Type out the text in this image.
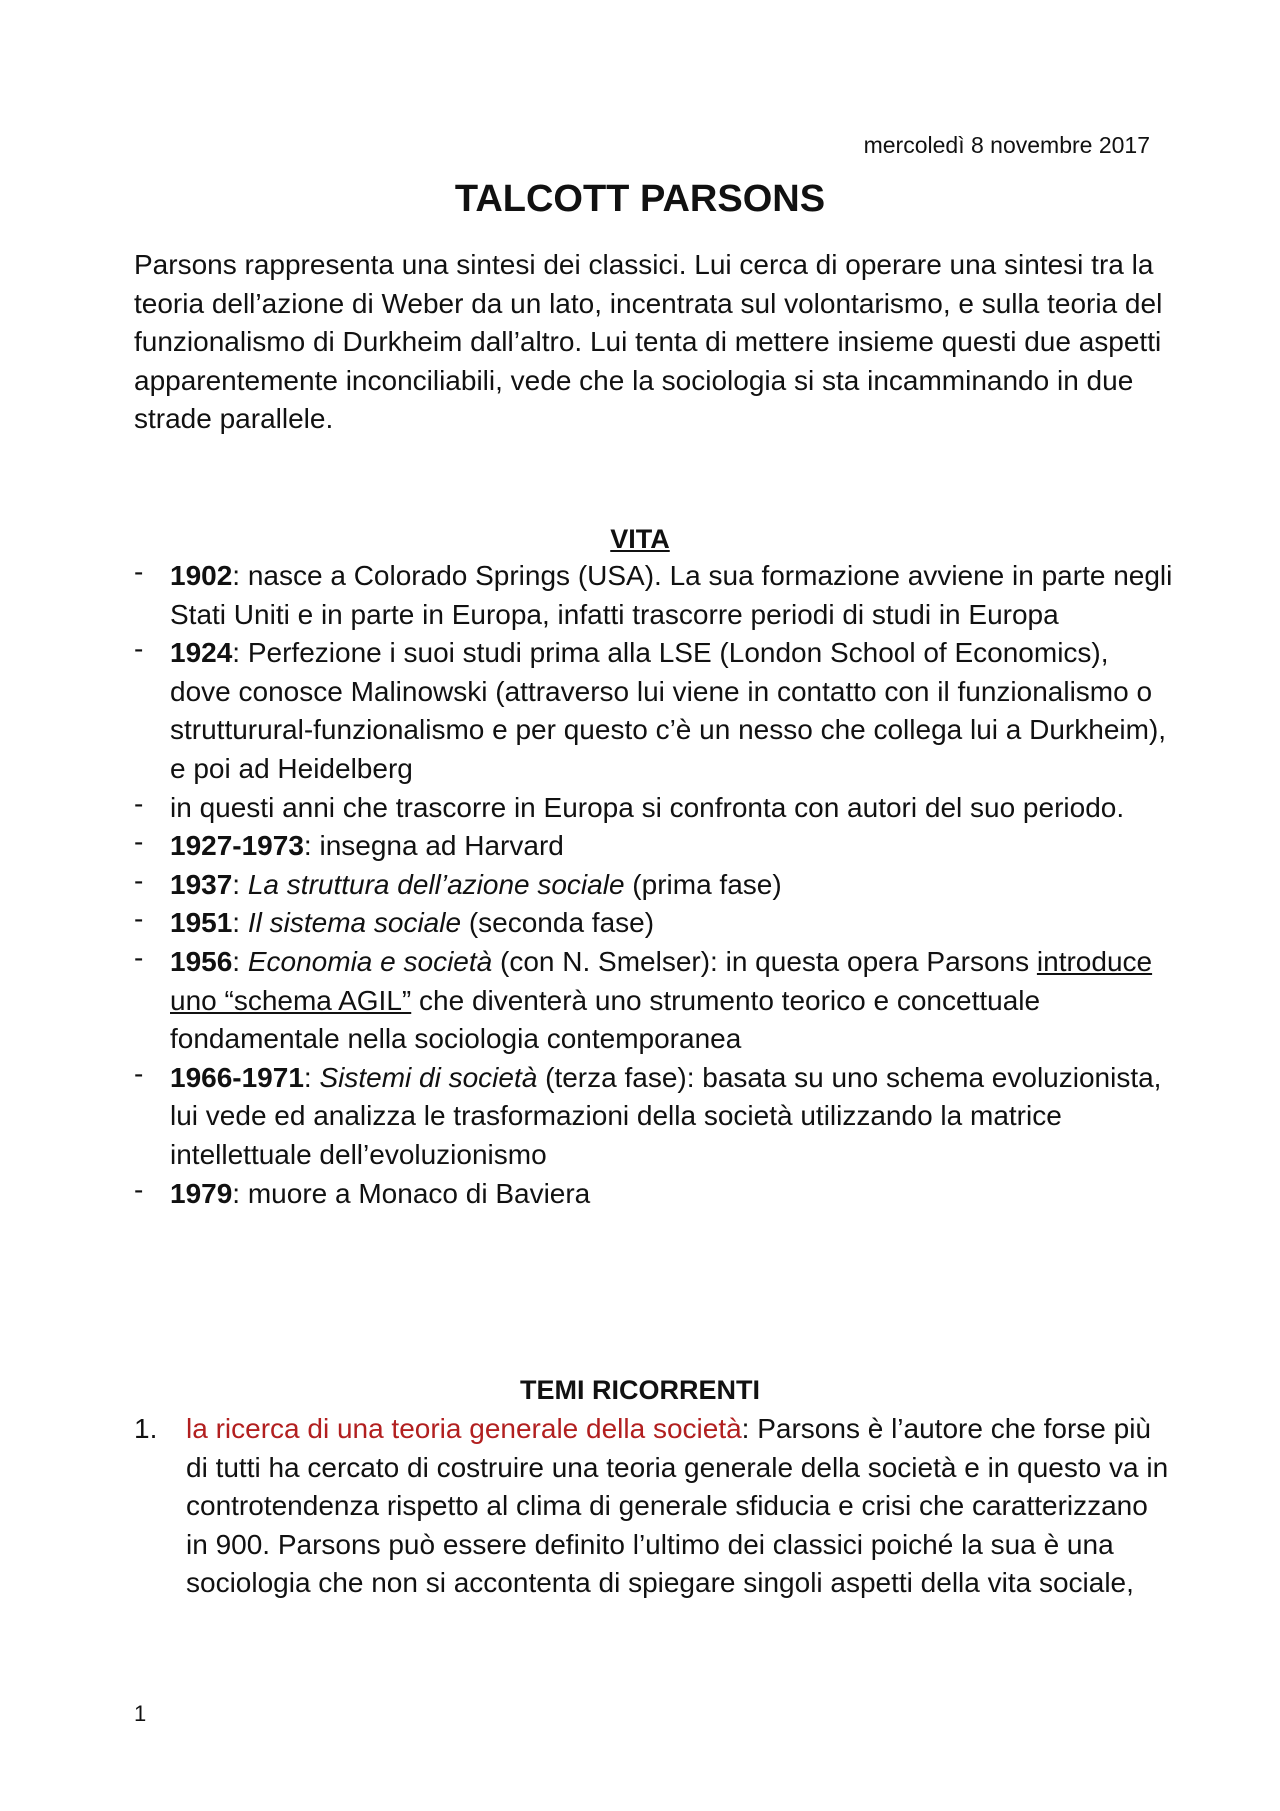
mercoledì 8 novembre 2017
TALCOTT PARSONS

Parsons rappresenta una sintesi dei classici. Lui cerca di operare una sintesi tra la teoria dell’azione di Weber da un lato, incentrata sul volontarismo, e sulla teoria del funzionalismo di Durkheim dall’altro. Lui tenta di mettere insieme questi due aspetti apparentemente inconciliabili, vede che la sociologia si sta incamminando in due strade parallele.

VITA
- 1902: nasce a Colorado Springs (USA). La sua formazione avviene in parte negli Stati Uniti e in parte in Europa, infatti trascorre periodi di studi in Europa
- 1924: Perfezione i suoi studi prima alla LSE (London School of Economics), dove conosce Malinowski (attraverso lui viene in contatto con il funzionalismo o strutturural-funzionalismo e per questo c’è un nesso che collega lui a Durkheim), e poi ad Heidelberg
- in questi anni che trascorre in Europa si confronta con autori del suo periodo.
- 1927-1973: insegna ad Harvard
- 1937: La struttura dell’azione sociale (prima fase)
- 1951: Il sistema sociale (seconda fase)
- 1956: Economia e società (con N. Smelser): in questa opera Parsons introduce uno “schema AGIL” che diventerà uno strumento teorico e concettuale fondamentale nella sociologia contemporanea
- 1966-1971: Sistemi di società (terza fase): basata su uno schema evoluzionista, lui vede ed analizza le trasformazioni della società utilizzando la matrice intellettuale dell’evoluzionismo
- 1979: muore a Monaco di Baviera
TEMI RICORRENTI
1. la ricerca di una teoria generale della società: Parsons è l’autore che forse più di tutti ha cercato di costruire una teoria generale della società e in questo va in controtendenza rispetto al clima di generale sfiducia e crisi che caratterizzano in 900. Parsons può essere definito l’ultimo dei classici poiché la sua è una sociologia che non si accontenta di spiegare singoli aspetti della vita sociale,
1
